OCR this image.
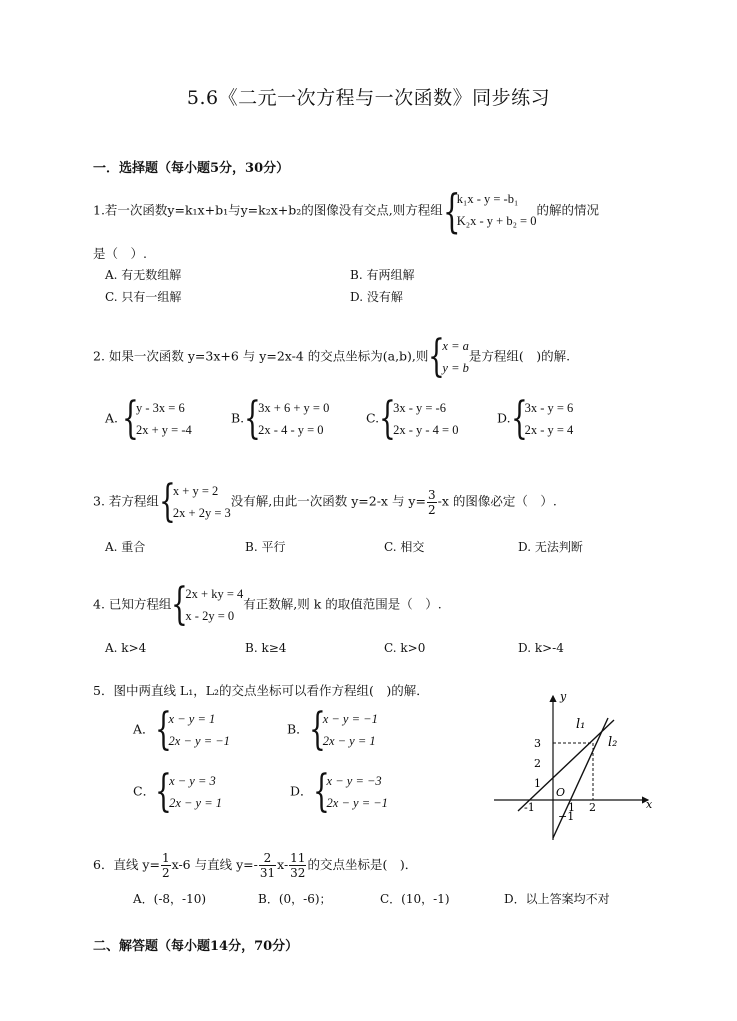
5.6《二元一次方程与一次函数》同步练习
一．选择题（每小题5分，30分）
1.若一次函数y=k₁x+b₁与y=k₂x+b₂的图像没有交点,则方程组 {
k₁x - y = -b₁
K₂x - y + b₂ = 0的解的情况
是（　）.
A. 有无数组解	B. 有两组解
C. 只有一组解	D. 没有解
2. 如果一次函数 y=3x+6 与 y=2x-4 的交点坐标为(a,b),则 {
x = a
y = b是方程组(　)的解.
A. {
y - 3x = 6
2x + y = -4
B. {
3x + 6 + y = 0
2x - 4 - y = 0
C. {
3x - y = -6
2x - y - 4 = 0
D. {
3x - y = 6
2x - y = 4
3. 若方程组 {
x + y = 2
2x + 2y = 3没有解,由此一次函数 y=2-x 与 $y= \frac{3}{2} -x$ 的图像必定（　）.
A. 重合	B. 平行	C. 相交	D. 无法判断
4. 已知方程组 {
2x + ky = 4
x - 2y = 0有正数解,则 k 的取值范围是（　）.
A. k>4	B. k≥4	C. k>0	D. k>-4
5．图中两直线 L₁，L₂的交点坐标可以看作方程组(　)的解．
A． {
x − y = 1
2x − y = −1
B． {
x − y = −1
2x − y = 1
C． {
x − y = 3
2x − y = 1
D． {
x − y = −3
2x − y = −1
y
x
O
l₁
l₂
3
2
1
-1	1 2
−1
6．直线 $y= \frac{1}{2} x-6$ 与直线 $y=- \frac{2}{31} x- \frac{11}{32}$ 的交点坐标是(　)．
A．(-8，-10)	B．(0，-6)；	C．(10，-1)	D．以上答案均不对
二、解答题（每小题14分，70分）
